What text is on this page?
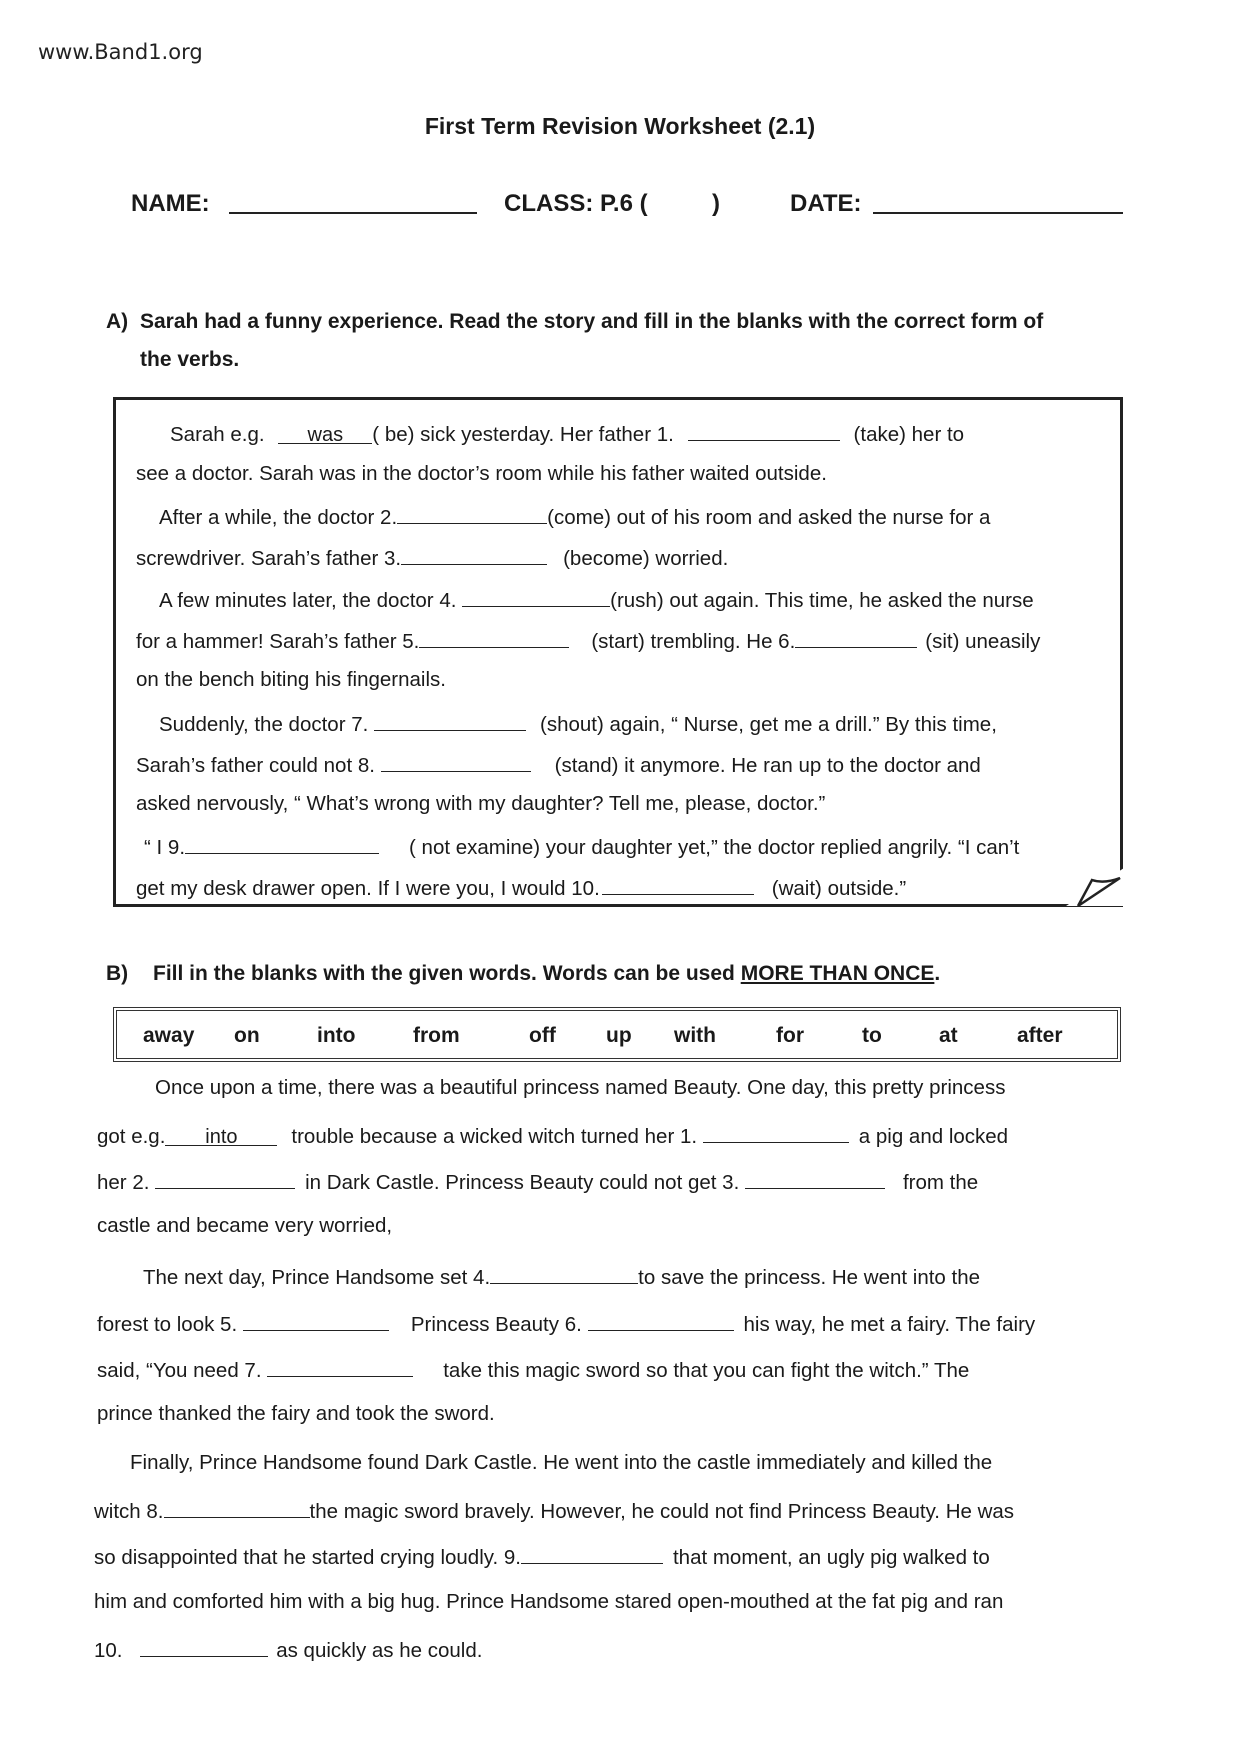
www.Band1.org
First Term Revision Worksheet (2.1)
NAME:	CLASS: P.6 (	)	DATE:
A) Sarah had a funny experience. Read the story and fill in the blanks with the correct form of
the verbs.
Sarah e.g. was ( be) sick yesterday. Her father 1.	(take) her to
see a doctor. Sarah was in the doctor’s room while his father waited outside.
After a while, the doctor 2.	(come) out of his room and asked the nurse for a
screwdriver. Sarah’s father 3.	(become) worried.
A few minutes later, the doctor 4.	(rush) out again. This time, he asked the nurse
for a hammer! Sarah’s father 5.	(start) trembling. He 6.	(sit) uneasily
on the bench biting his fingernails.
Suddenly, the doctor 7.	(shout) again, “ Nurse, get me a drill.” By this time,
Sarah’s father could not 8.	(stand) it anymore. He ran up to the doctor and
asked nervously, “ What’s wrong with my daughter? Tell me, please, doctor.”
“ I 9.	( not examine) your daughter yet,” the doctor replied angrily. “I can’t
get my desk drawer open. If I were you, I would 10.	(wait) outside.”
B) Fill in the blanks with the given words. Words can be used MORE THAN ONCE.
away on	into	from	off up with	for	to	at	after
Once upon a time, there was a beautiful princess named Beauty. One day, this pretty princess
got e.g. into	trouble because a wicked witch turned her 1.	a pig and locked
her 2.	in Dark Castle. Princess Beauty could not get 3.	from the
castle and became very worried,
The next day, Prince Handsome set 4.	to save the princess. He went into the
forest to look 5.	Princess Beauty 6.	his way, he met a fairy. The fairy
said, “You need 7.	take this magic sword so that you can fight the witch.” The
prince thanked the fairy and took the sword.
Finally, Prince Handsome found Dark Castle. He went into the castle immediately and killed the
witch 8.	the magic sword bravely. However, he could not find Princess Beauty. He was
so disappointed that he started crying loudly. 9.	that moment, an ugly pig walked to
him and comforted him with a big hug. Prince Handsome stared open-mouthed at the fat pig and ran
10.	as quickly as he could.
